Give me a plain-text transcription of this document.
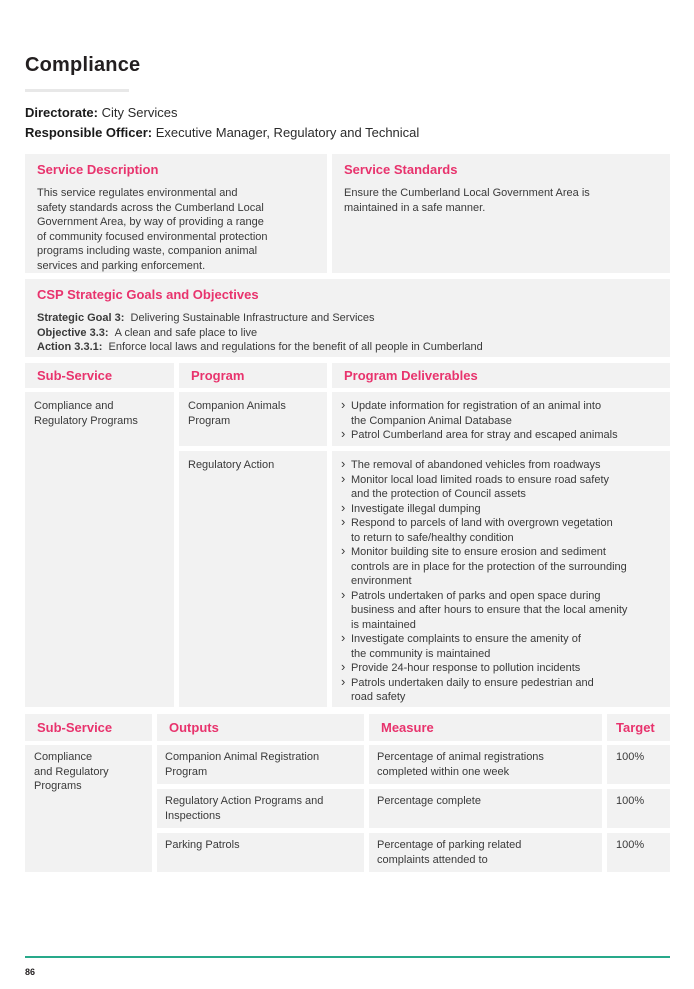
Compliance
Directorate: City Services
Responsible Officer: Executive Manager, Regulatory and Technical
Service Description
This service regulates environmental and
safety standards across the Cumberland Local
Government Area, by way of providing a range
of community focused environmental protection
programs including waste, companion animal
services and parking enforcement.
Service Standards
Ensure the Cumberland Local Government Area is
maintained in a safe manner.
CSP Strategic Goals and Objectives
Strategic Goal 3: Delivering Sustainable Infrastructure and Services
Objective 3.3: A clean and safe place to live
Action 3.3.1: Enforce local laws and regulations for the benefit of all people in Cumberland
Sub-Service	Program	Program Deliverables
Compliance and
Regulatory Programs
Companion Animals
Program
› Update information for registration of an animal into
the Companion Animal Database
› Patrol Cumberland area for stray and escaped animals
Regulatory Action
›	The removal of abandoned vehicles from roadways
› Monitor local load limited roads to ensure road safety
and the protection of Council assets
› Investigate illegal dumping
› Respond to parcels of land with overgrown vegetation
to return to safe/healthy condition
› Monitor building site to ensure erosion and sediment
controls are in place for the protection of the surrounding
environment
› Patrols undertaken of parks and open space during
business and after hours to ensure that the local amenity
is maintained
› Investigate complaints to ensure the amenity of
the community is maintained
› Provide 24-hour response to pollution incidents
› Patrols undertaken daily to ensure pedestrian and
road safety
Sub-Service	Outputs	Measure	Target
Compliance
and Regulatory
Programs
Companion Animal Registration
Program
Percentage of animal registrations
completed within one week
100%
Regulatory Action Programs and
Inspections
Percentage complete	100%
Parking Patrols	Percentage of parking related
complaints attended to
100%
86
